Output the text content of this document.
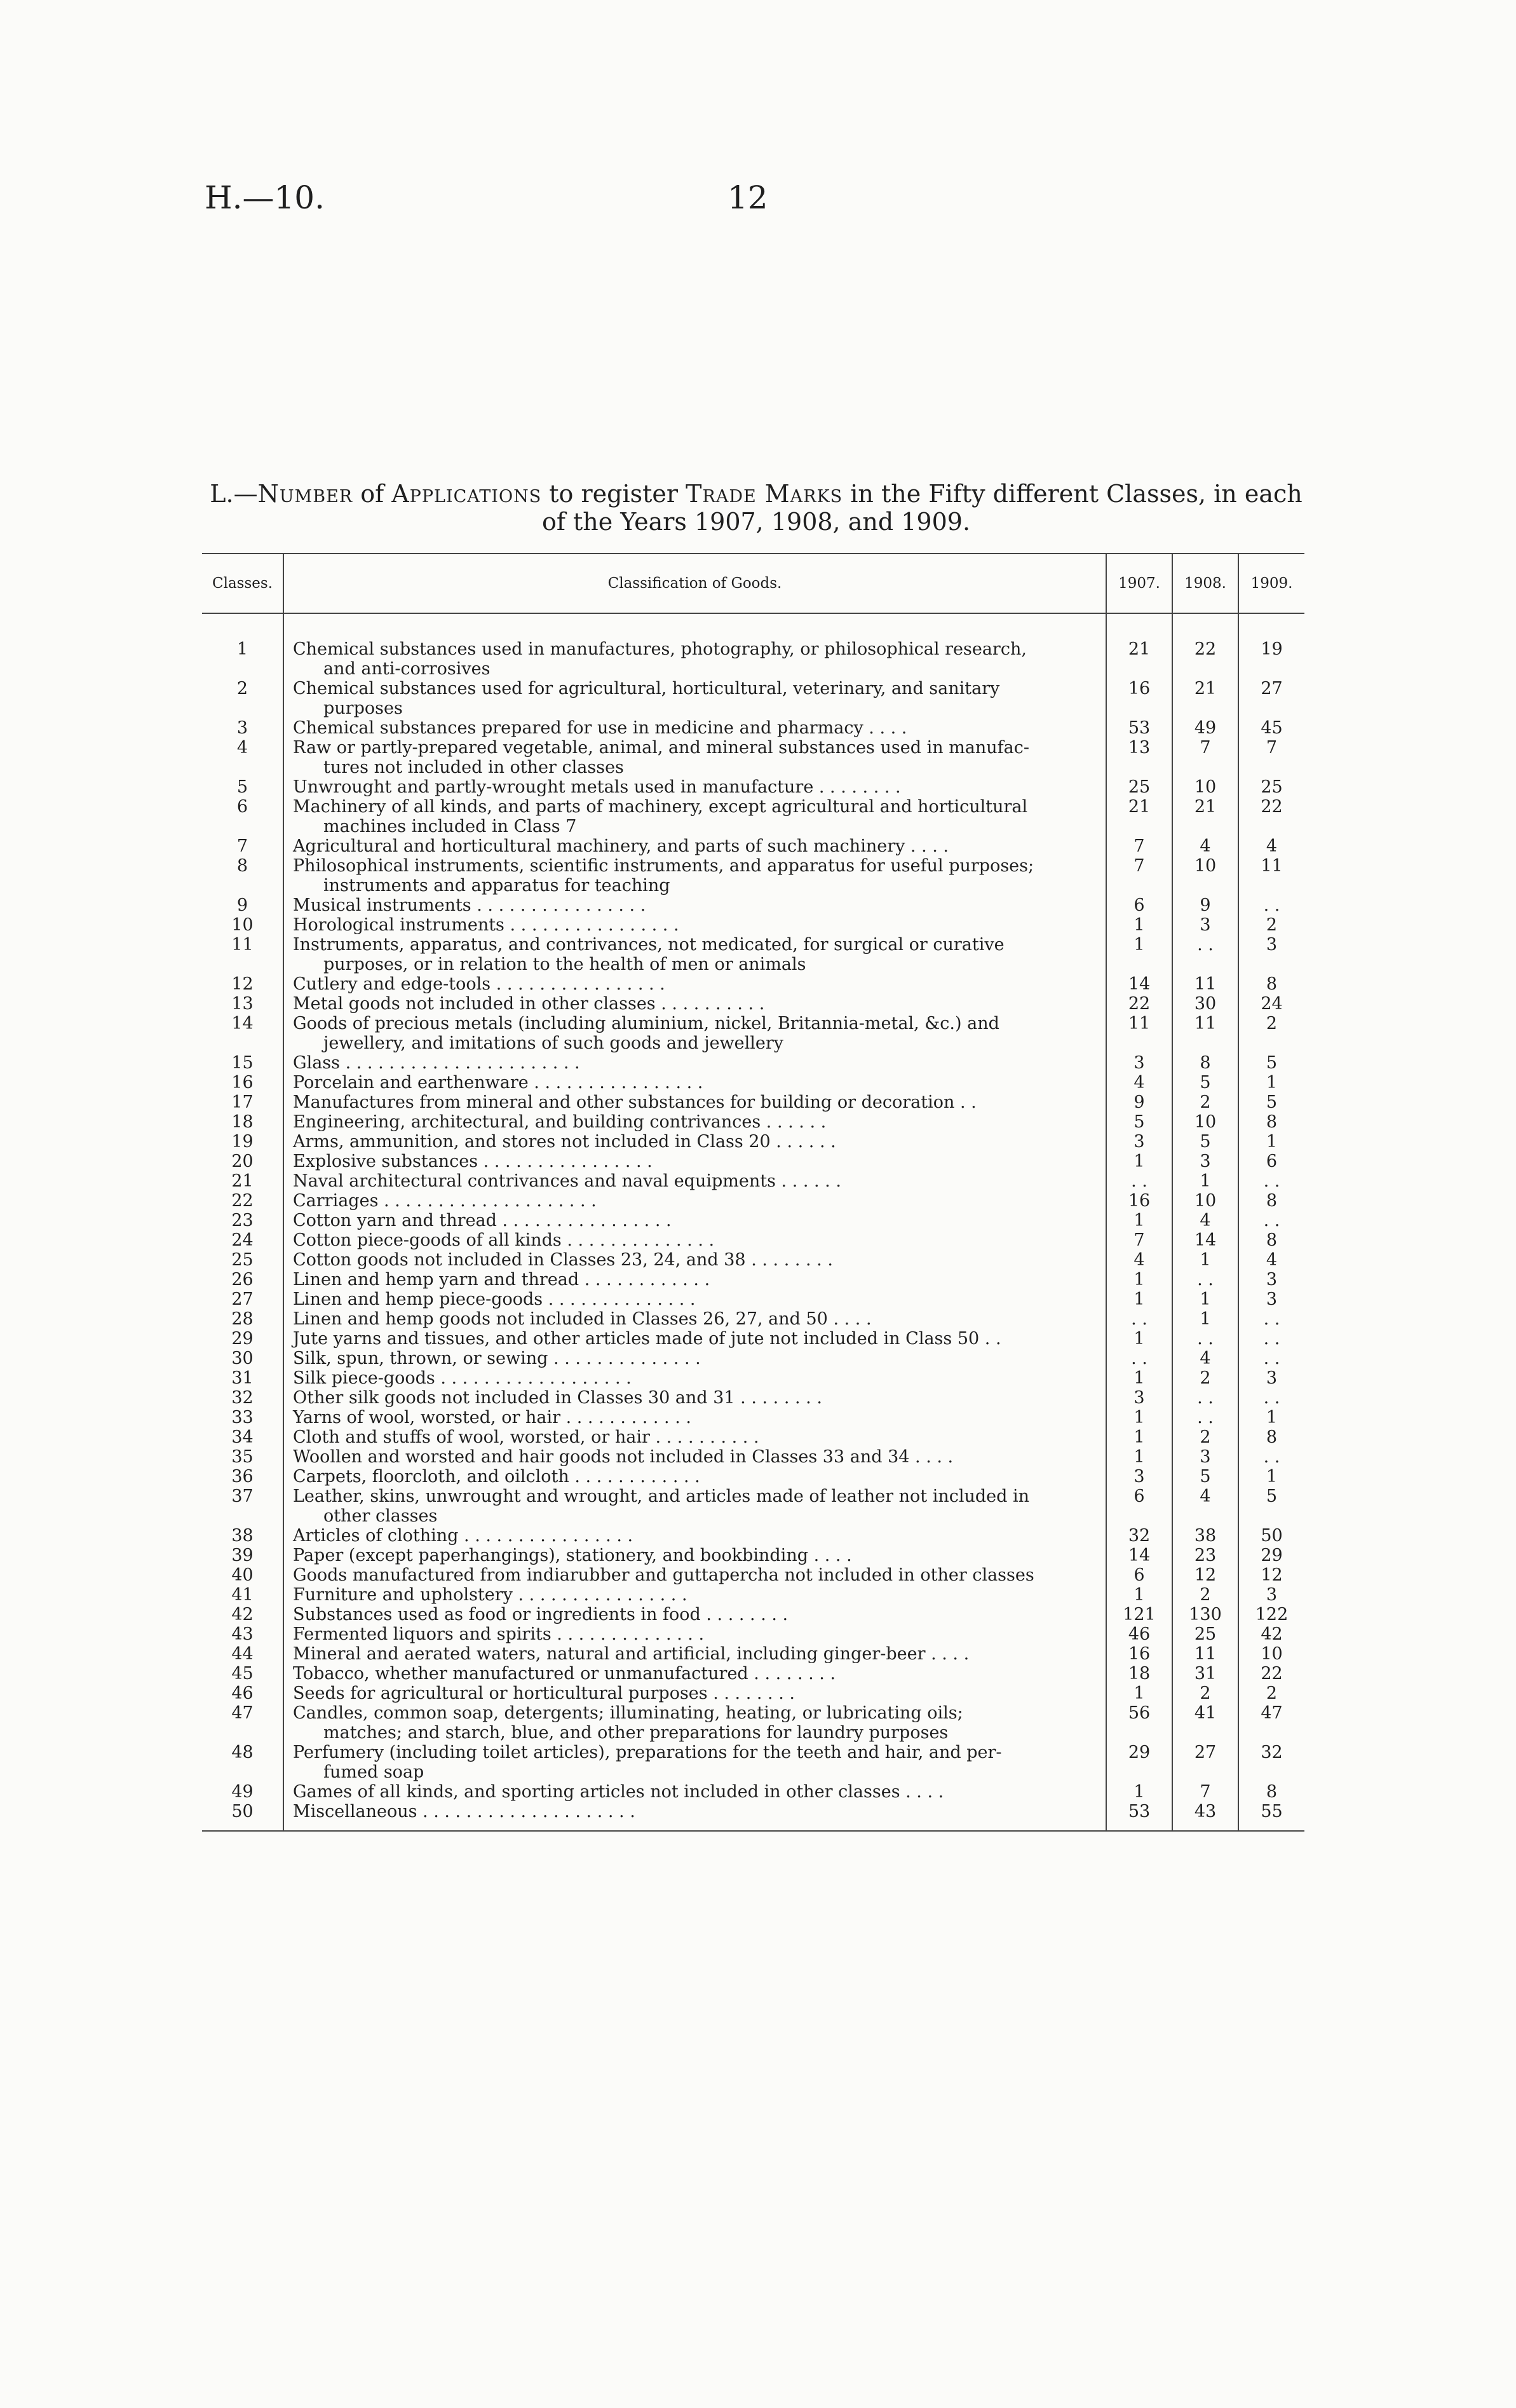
H.—10.	12
L.—Number of Applications to register Trade Marks in the Fifty different Classes, in each
of the Years 1907, 1908, and 1909.
Classes.	Classification of Goods.	1907.	1908.	1909.

1	Chemical substances used in manufactures, photography, or philosophical research,
and anti-corrosives	21	22	19
2	Chemical substances used for agricultural, horticultural, veterinary, and sanitary
purposes	16	21	27
3	Chemical substances prepared for use in medicine and pharmacy . . . .	53	49	45
4	Raw or partly-prepared vegetable, animal, and mineral substances used in manufac-
tures not included in other classes	13	7	7
5	Unwrought and partly-wrought metals used in manufacture . . . . . . . .	25	10	25
6	Machinery of all kinds, and parts of machinery, except agricultural and horticultural
machines included in Class 7	21	21	22
7	Agricultural and horticultural machinery, and parts of such machinery . . . .	7	4	4
8	Philosophical instruments, scientific instruments, and apparatus for useful purposes;
instruments and apparatus for teaching	7	10	11
9	Musical instruments . . . . . . . . . . . . . . . .	6	9	. .
10	Horological instruments . . . . . . . . . . . . . . . .	1	3	2
11	Instruments, apparatus, and contrivances, not medicated, for surgical or curative
purposes, or in relation to the health of men or animals	1	. .	3
12	Cutlery and edge-tools . . . . . . . . . . . . . . . .	14	11	8
13	Metal goods not included in other classes . . . . . . . . . .	22	30	24
14	Goods of precious metals (including aluminium, nickel, Britannia-metal, &c.) and
jewellery, and imitations of such goods and jewellery	11	11	2
15	Glass . . . . . . . . . . . . . . . . . . . . . .	3	8	5
16	Porcelain and earthenware . . . . . . . . . . . . . . . .	4	5	1
17	Manufactures from mineral and other substances for building or decoration . .	9	2	5
18	Engineering, architectural, and building contrivances . . . . . .	5	10	8
19	Arms, ammunition, and stores not included in Class 20 . . . . . .	3	5	1
20	Explosive substances . . . . . . . . . . . . . . . .	1	3	6
21	Naval architectural contrivances and naval equipments . . . . . .	. .	1	. .
22	Carriages . . . . . . . . . . . . . . . . . . . .	16	10	8
23	Cotton yarn and thread . . . . . . . . . . . . . . . .	1	4	. .
24	Cotton piece-goods of all kinds . . . . . . . . . . . . . .	7	14	8
25	Cotton goods not included in Classes 23, 24, and 38 . . . . . . . .	4	1	4
26	Linen and hemp yarn and thread . . . . . . . . . . . .	1	. .	3
27	Linen and hemp piece-goods . . . . . . . . . . . . . .	1	1	3
28	Linen and hemp goods not included in Classes 26, 27, and 50 . . . .	. .	1	. .
29	Jute yarns and tissues, and other articles made of jute not included in Class 50 . .	1	. .	. .
30	Silk, spun, thrown, or sewing . . . . . . . . . . . . . .	. .	4	. .
31	Silk piece-goods . . . . . . . . . . . . . . . . . .	1	2	3
32	Other silk goods not included in Classes 30 and 31 . . . . . . . .	3	. .	. .
33	Yarns of wool, worsted, or hair . . . . . . . . . . . .	1	. .	1
34	Cloth and stuffs of wool, worsted, or hair . . . . . . . . . .	1	2	8
35	Woollen and worsted and hair goods not included in Classes 33 and 34 . . . .	1	3	. .
36	Carpets, floorcloth, and oilcloth . . . . . . . . . . . .	3	5	1
37	Leather, skins, unwrought and wrought, and articles made of leather not included in
other classes	6	4	5
38	Articles of clothing . . . . . . . . . . . . . . . .	32	38	50
39	Paper (except paperhangings), stationery, and bookbinding . . . .	14	23	29
40	Goods manufactured from indiarubber and guttapercha not included in other classes	6	12	12
41	Furniture and upholstery . . . . . . . . . . . . . . . .	1	2	3
42	Substances used as food or ingredients in food . . . . . . . .	121	130	122
43	Fermented liquors and spirits . . . . . . . . . . . . . .	46	25	42
44	Mineral and aerated waters, natural and artificial, including ginger-beer . . . .	16	11	10
45	Tobacco, whether manufactured or unmanufactured . . . . . . . .	18	31	22
46	Seeds for agricultural or horticultural purposes . . . . . . . .	1	2	2
47	Candles, common soap, detergents; illuminating, heating, or lubricating oils;
matches; and starch, blue, and other preparations for laundry purposes	56	41	47
48	Perfumery (including toilet articles), preparations for the teeth and hair, and per-
fumed soap	29	27	32
49	Games of all kinds, and sporting articles not included in other classes . . . .	1	7	8
50	Miscellaneous . . . . . . . . . . . . . . . . . . . .	53	43	55
